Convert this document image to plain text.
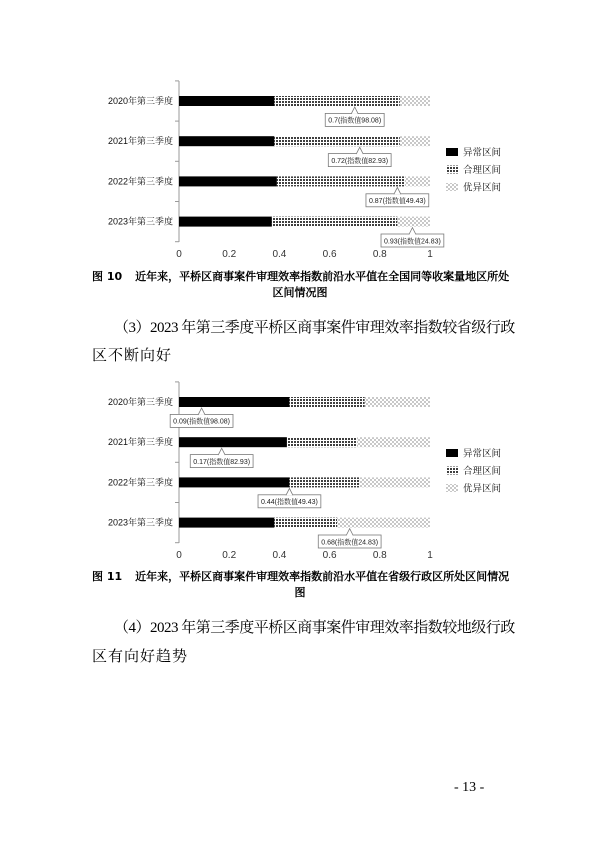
2020年第三季度
2021年第三季度
2022年第三季度
2023年第三季度
0.7(指数值98.08)
0.72(指数值82.93)
0.87(指数值49.43)
0.93(指数值24.83)
0	0.2	0.4	0.6	0.8	1
异常区间
合理区间
优异区间
图 10 近年来，平桥区商事案件审理效率指数前沿水平值在全国同等收案量地区所处
区间情况图
（3）2023 年第三季度平桥区商事案件审理效率指数较省级行政
区不断向好
2020年第三季度
2021年第三季度
2022年第三季度
2023年第三季度
0.09(指数值98.08)
0.17(指数值82.93)
0.44(指数值49.43)
0.68(指数值24.83)
0	0.2	0.4	0.6	0.8	1
异常区间
合理区间
优异区间
图 11 近年来，平桥区商事案件审理效率指数前沿水平值在省级行政区所处区间情况
图
（4）2023 年第三季度平桥区商事案件审理效率指数较地级行政
区有向好趋势
- 13 -
